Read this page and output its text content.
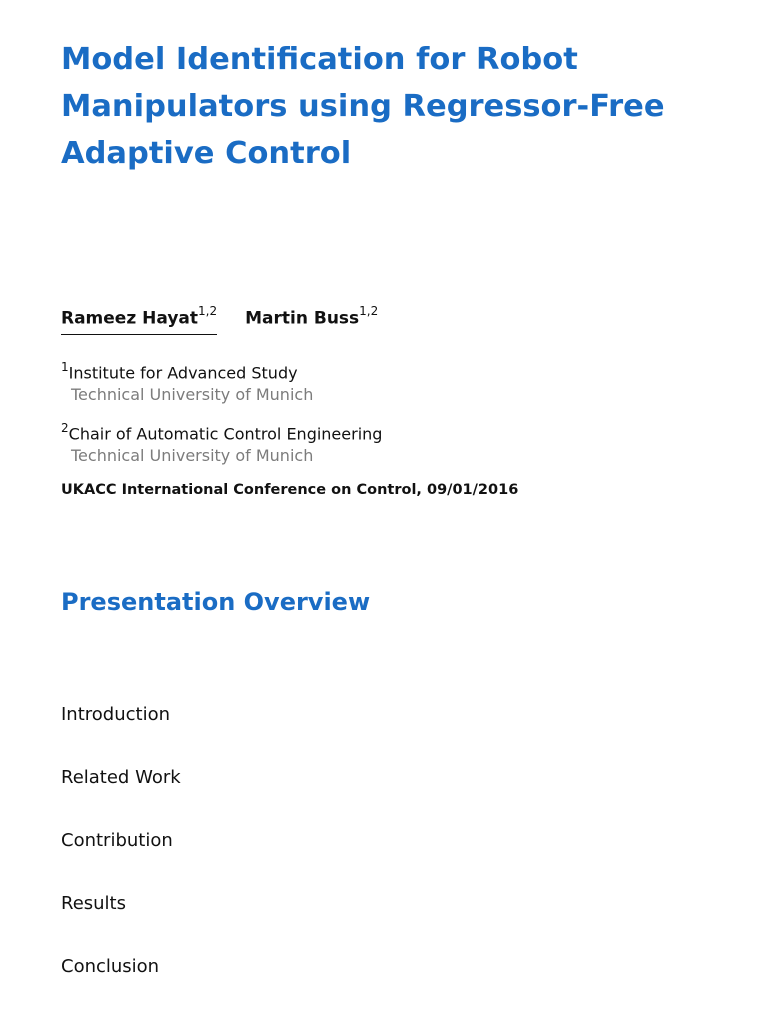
Model Identification for Robot
Manipulators using Regressor-Free
Adaptive Control
Rameez Hayat$^{1,2}$ Martin Buss$^{1,2}$
$^1$Institute for Advanced Study
Technical University of Munich
$^2$Chair of Automatic Control Engineering
Technical University of Munich
UKACC International Conference on Control, 09/01/2016
Presentation Overview
Introduction
Related Work
Contribution
Results
Conclusion
